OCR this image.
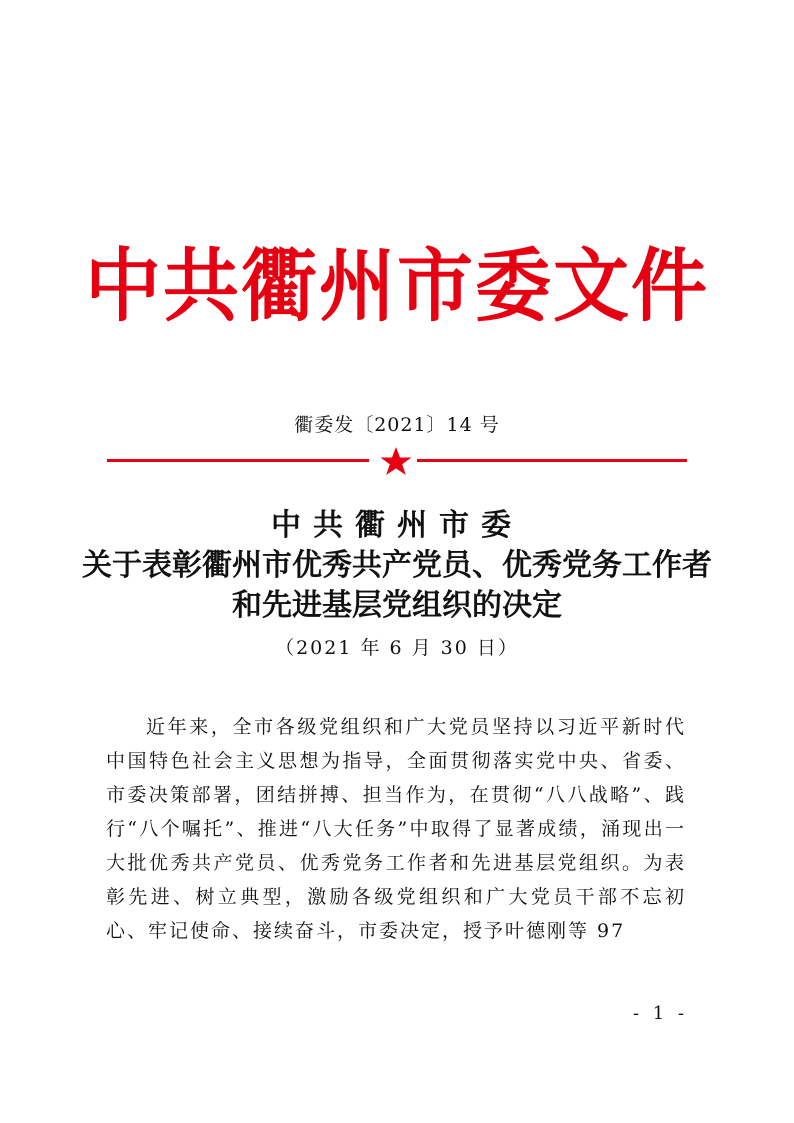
中共衢州市委文件
衢委发〔2021〕14 号
中共衢州市委
关于表彰衢州市优秀共产党员、优秀党务工作者
和先进基层党组织的决定
（2021 年 6 月 30 日）

近年来，全市各级党组织和广大党员坚持以习近平新时代中国特色社会主义思想为指导，全面贯彻落实党中央、省委、市委决策部署，团结拼搏、担当作为，在贯彻“八八战略”、践行“八个嘱托”、推进“八大任务”中取得了显著成绩，涌现出一大批优秀共产党员、优秀党务工作者和先进基层党组织。为表彰先进、树立典型，激励各级党组织和广大党员干部不忘初心、牢记使命、接续奋斗，市委决定，授予叶德刚等 97

- 1 -
